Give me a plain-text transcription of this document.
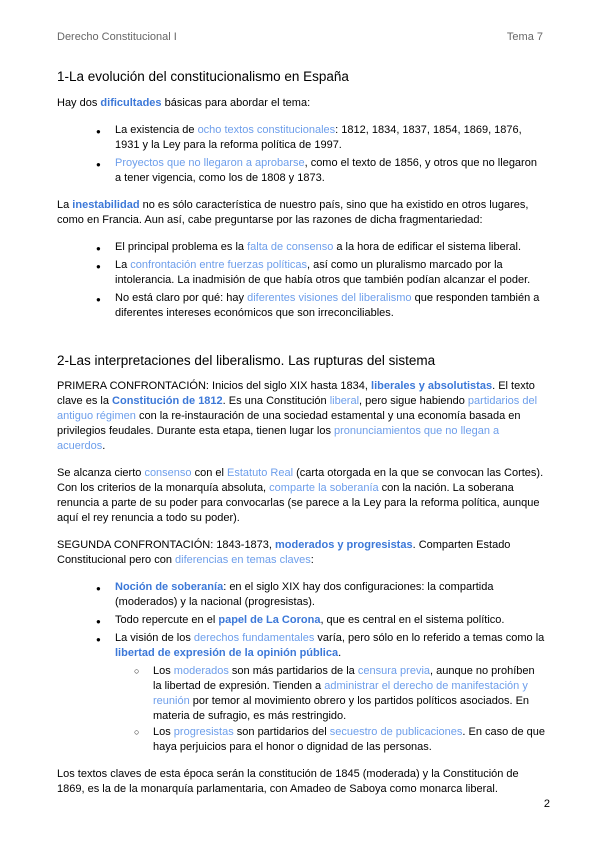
Derecho Constitucional I	Tema 7
1-La evolución del constitucionalismo en España
Hay dos dificultades básicas para abordar el tema:
● La existencia de ocho textos constitucionales: 1812, 1834, 1837, 1854, 1869, 1876, 1931 y la Ley para la reforma política de 1997.
● Proyectos que no llegaron a aprobarse, como el texto de 1856, y otros que no llegaron a tener vigencia, como los de 1808 y 1873.
La inestabilidad no es sólo característica de nuestro país, sino que ha existido en otros lugares, como en Francia. Aun así, cabe preguntarse por las razones de dicha fragmentariedad:
● El principal problema es la falta de consenso a la hora de edificar el sistema liberal.
● La confrontación entre fuerzas políticas, así como un pluralismo marcado por la intolerancia. La inadmisión de que había otros que también podían alcanzar el poder.
● No está claro por qué: hay diferentes visiones del liberalismo que responden también a diferentes intereses económicos que son irreconciliables.
2-Las interpretaciones del liberalismo. Las rupturas del sistema
PRIMERA CONFRONTACIÓN: Inicios del siglo XIX hasta 1834, liberales y absolutistas. El texto clave es la Constitución de 1812. Es una Constitución liberal, pero sigue habiendo partidarios del antiguo régimen con la re-instauración de una sociedad estamental y una economía basada en privilegios feudales. Durante esta etapa, tienen lugar los pronunciamientos que no llegan a acuerdos.
Se alcanza cierto consenso con el Estatuto Real (carta otorgada en la que se convocan las Cortes). Con los criterios de la monarquía absoluta, comparte la soberanía con la nación. La soberana renuncia a parte de su poder para convocarlas (se parece a la Ley para la reforma política, aunque aquí el rey renuncia a todo su poder).
SEGUNDA CONFRONTACIÓN: 1843-1873, moderados y progresistas. Comparten Estado Constitucional pero con diferencias en temas claves:
● Noción de soberanía: en el siglo XIX hay dos configuraciones: la compartida (moderados) y la nacional (progresistas).
● Todo repercute en el papel de La Corona, que es central en el sistema político.
● La visión de los derechos fundamentales varía, pero sólo en lo referido a temas como la libertad de expresión de la opinión pública.
○ Los moderados son más partidarios de la censura previa, aunque no prohíben la libertad de expresión. Tienden a administrar el derecho de manifestación y reunión por temor al movimiento obrero y los partidos políticos asociados. En materia de sufragio, es más restringido.
○ Los progresistas son partidarios del secuestro de publicaciones. En caso de que haya perjuicios para el honor o dignidad de las personas.
Los textos claves de esta época serán la constitución de 1845 (moderada) y la Constitución de 1869, es la de la monarquía parlamentaria, con Amadeo de Saboya como monarca liberal.
2
